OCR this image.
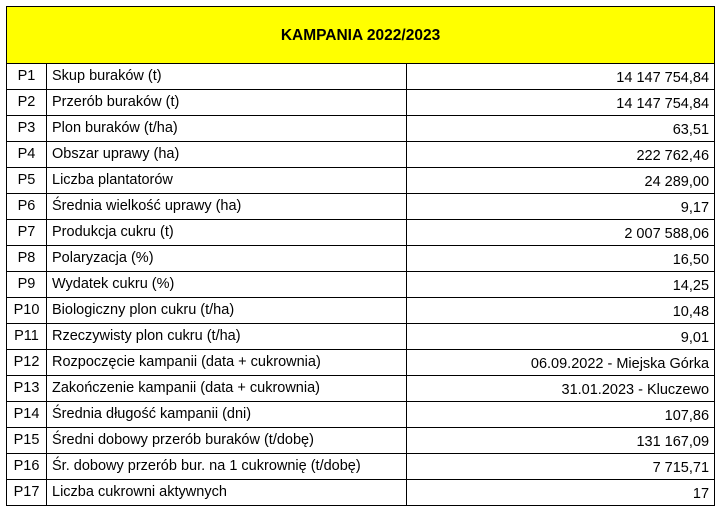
KAMPANIA 2022/2023		
P1	Skup buraków (t)	14 147 754,84
P2	Przerób buraków (t)	14 147 754,84
P3	Plon buraków (t/ha)	63,51
P4	Obszar uprawy (ha)	222 762,46
P5	Liczba plantatorów	24 289,00
P6	Średnia wielkość uprawy (ha)	9,17
P7	Produkcja cukru (t)	2 007 588,06
P8	Polaryzacja (%)	16,50
P9	Wydatek cukru (%)	14,25
P10	Biologiczny plon cukru (t/ha)	10,48
P11	Rzeczywisty plon cukru (t/ha)	9,01
P12	Rozpoczęcie kampanii (data + cukrownia)	06.09.2022 - Miejska Górka
P13	Zakończenie kampanii (data + cukrownia)	31.01.2023 - Kluczewo
P14	Średnia długość kampanii (dni)	107,86
P15	Średni dobowy przerób buraków (t/dobę)	131 167,09
P16	Śr. dobowy przerób bur. na 1 cukrownię (t/dobę)	7 715,71
P17	Liczba cukrowni aktywnych	17
